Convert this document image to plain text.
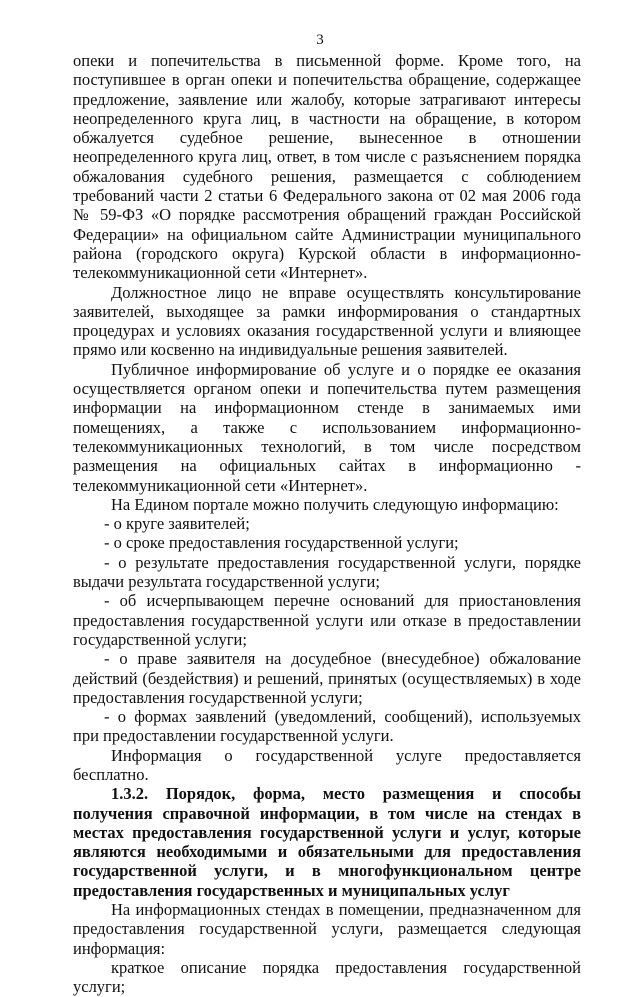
3

опеки и попечительства в письменной форме. Кроме того, на поступившее в орган опеки и попечительства обращение, содержащее предложение, заявление или жалобу, которые затрагивают интересы неопределенного круга лиц, в частности на обращение, в котором обжалуется судебное решение, вынесенное в отношении неопределенного круга лиц, ответ, в том числе с разъяснением порядка обжалования судебного решения, размещается с соблюдением требований части 2 статьи 6 Федерального закона от 02 мая 2006 года № 59-ФЗ «О порядке рассмотрения обращений граждан Российской Федерации» на официальном сайте Администрации муниципального района (городского округа) Курской области в информационно-телекоммуникационной сети «Интернет».

Должностное лицо не вправе осуществлять консультирование заявителей, выходящее за рамки информирования о стандартных процедурах и условиях оказания государственной услуги и влияющее прямо или косвенно на индивидуальные решения заявителей.

Публичное информирование об услуге и о порядке ее оказания осуществляется органом опеки и попечительства путем размещения информации на информационном стенде в занимаемых ими помещениях, а также с использованием информационно-телекоммуникационных технологий, в том числе посредством размещения на официальных сайтах в информационно - телекоммуникационной сети «Интернет».

На Едином портале можно получить следующую информацию:

- о круге заявителей;

- о сроке предоставления государственной услуги;

- о результате предоставления государственной услуги, порядке выдачи результата государственной услуги;

- об исчерпывающем перечне оснований для приостановления предоставления государственной услуги или отказе в предоставлении государственной услуги;

- о праве заявителя на досудебное (внесудебное) обжалование действий (бездействия) и решений, принятых (осуществляемых) в ходе предоставления государственной услуги;

- о формах заявлений (уведомлений, сообщений), используемых при предоставлении государственной услуги.

Информация о государственной услуге предоставляется бесплатно.

1.3.2. Порядок, форма, место размещения и способы получения справочной информации, в том числе на стендах в местах предоставления государственной услуги и услуг, которые являются необходимыми и обязательными для предоставления государственной услуги, и в многофункциональном центре предоставления государственных и муниципальных услуг

На информационных стендах в помещении, предназначенном для предоставления государственной услуги, размещается следующая информация:

краткое описание порядка предоставления государственной услуги;
